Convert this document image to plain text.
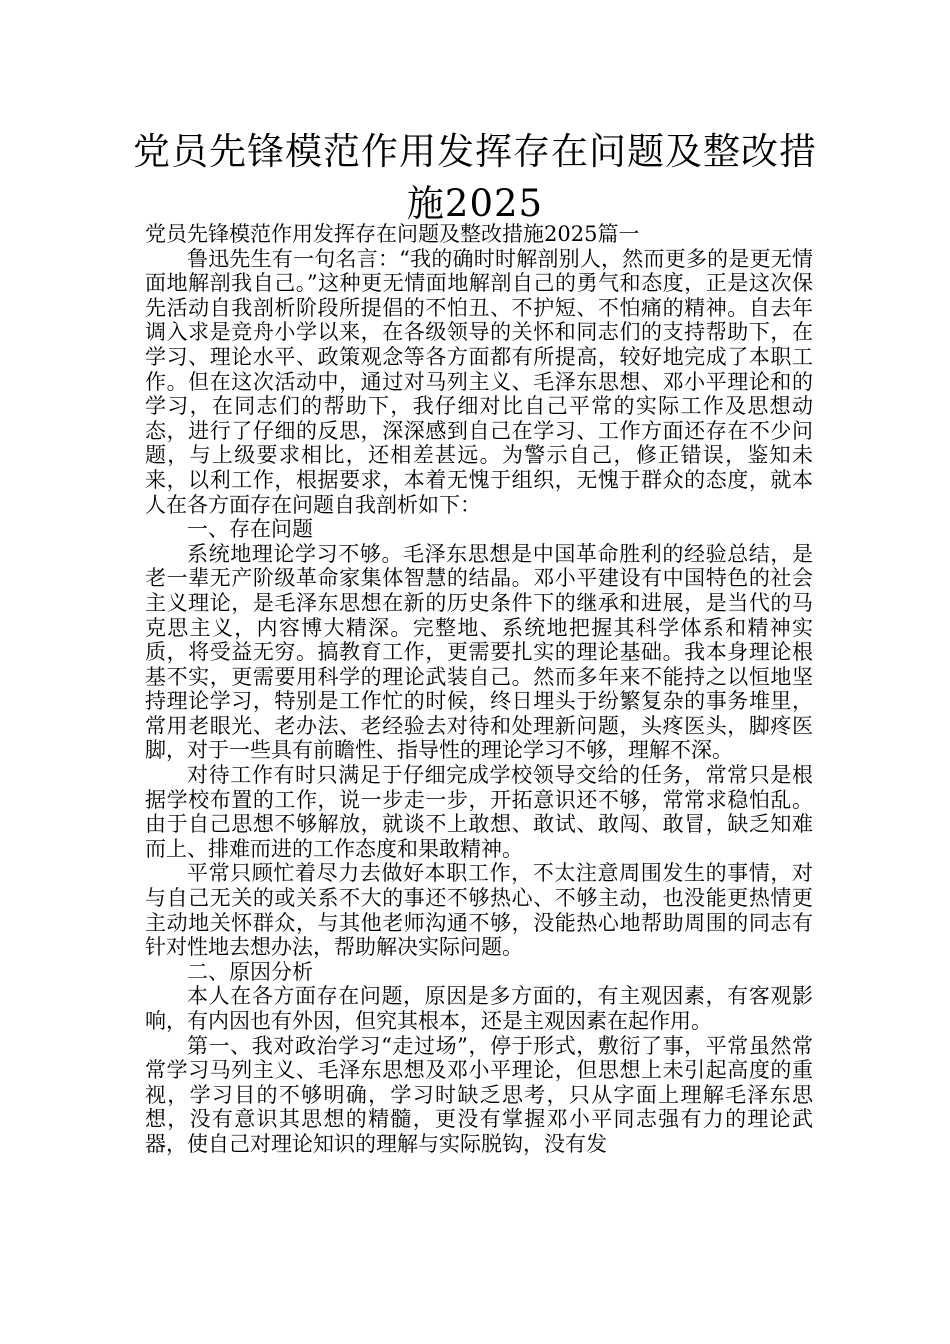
党员先锋模范作用发挥存在问题及整改措施2025

党员先锋模范作用发挥存在问题及整改措施2025篇一

鲁迅先生有一句名言：“我的确时时解剖别人，然而更多的是更无情面地解剖我自己。”这种更无情面地解剖自己的勇气和态度，正是这次保先活动自我剖析阶段所提倡的不怕丑、不护短、不怕痛的精神。自去年调入求是竞舟小学以来，在各级领导的关怀和同志们的支持帮助下，在学习、理论水平、政策观念等各方面都有所提高，较好地完成了本职工作。但在这次活动中，通过对马列主义、毛泽东思想、邓小平理论和的学习，在同志们的帮助下，我仔细对比自己平常的实际工作及思想动态，进行了仔细的反思，深深感到自己在学习、工作方面还存在不少问题，与上级要求相比，还相差甚远。为警示自己，修正错误，鉴知未来，以利工作，根据要求，本着无愧于组织，无愧于群众的态度，就本人在各方面存在问题自我剖析如下：

一、存在问题

系统地理论学习不够。毛泽东思想是中国革命胜利的经验总结，是老一辈无产阶级革命家集体智慧的结晶。邓小平建设有中国特色的社会主义理论，是毛泽东思想在新的历史条件下的继承和进展，是当代的马克思主义，内容博大精深。完整地、系统地把握其科学体系和精神实质，将受益无穷。搞教育工作，更需要扎实的理论基础。我本身理论根基不实，更需要用科学的理论武装自己。然而多年来不能持之以恒地坚持理论学习，特别是工作忙的时候，终日埋头于纷繁复杂的事务堆里，常用老眼光、老办法、老经验去对待和处理新问题，头疼医头，脚疼医脚，对于一些具有前瞻性、指导性的理论学习不够，理解不深。

对待工作有时只满足于仔细完成学校领导交给的任务，常常只是根据学校布置的工作，说一步走一步，开拓意识还不够，常常求稳怕乱。由于自己思想不够解放，就谈不上敢想、敢试、敢闯、敢冒，缺乏知难而上、排难而进的工作态度和果敢精神。

平常只顾忙着尽力去做好本职工作，不太注意周围发生的事情，对与自己无关的或关系不大的事还不够热心、不够主动，也没能更热情更主动地关怀群众，与其他老师沟通不够，没能热心地帮助周围的同志有针对性地去想办法，帮助解决实际问题。

二、原因分析

本人在各方面存在问题，原因是多方面的，有主观因素，有客观影响，有内因也有外因，但究其根本，还是主观因素在起作用。

第一、我对政治学习“走过场”，停于形式，敷衍了事，平常虽然常常学习马列主义、毛泽东思想及邓小平理论，但思想上未引起高度的重视，学习目的不够明确，学习时缺乏思考，只从字面上理解毛泽东思想，没有意识其思想的精髓，更没有掌握邓小平同志强有力的理论武器，使自己对理论知识的理解与实际脱钩，没有发
